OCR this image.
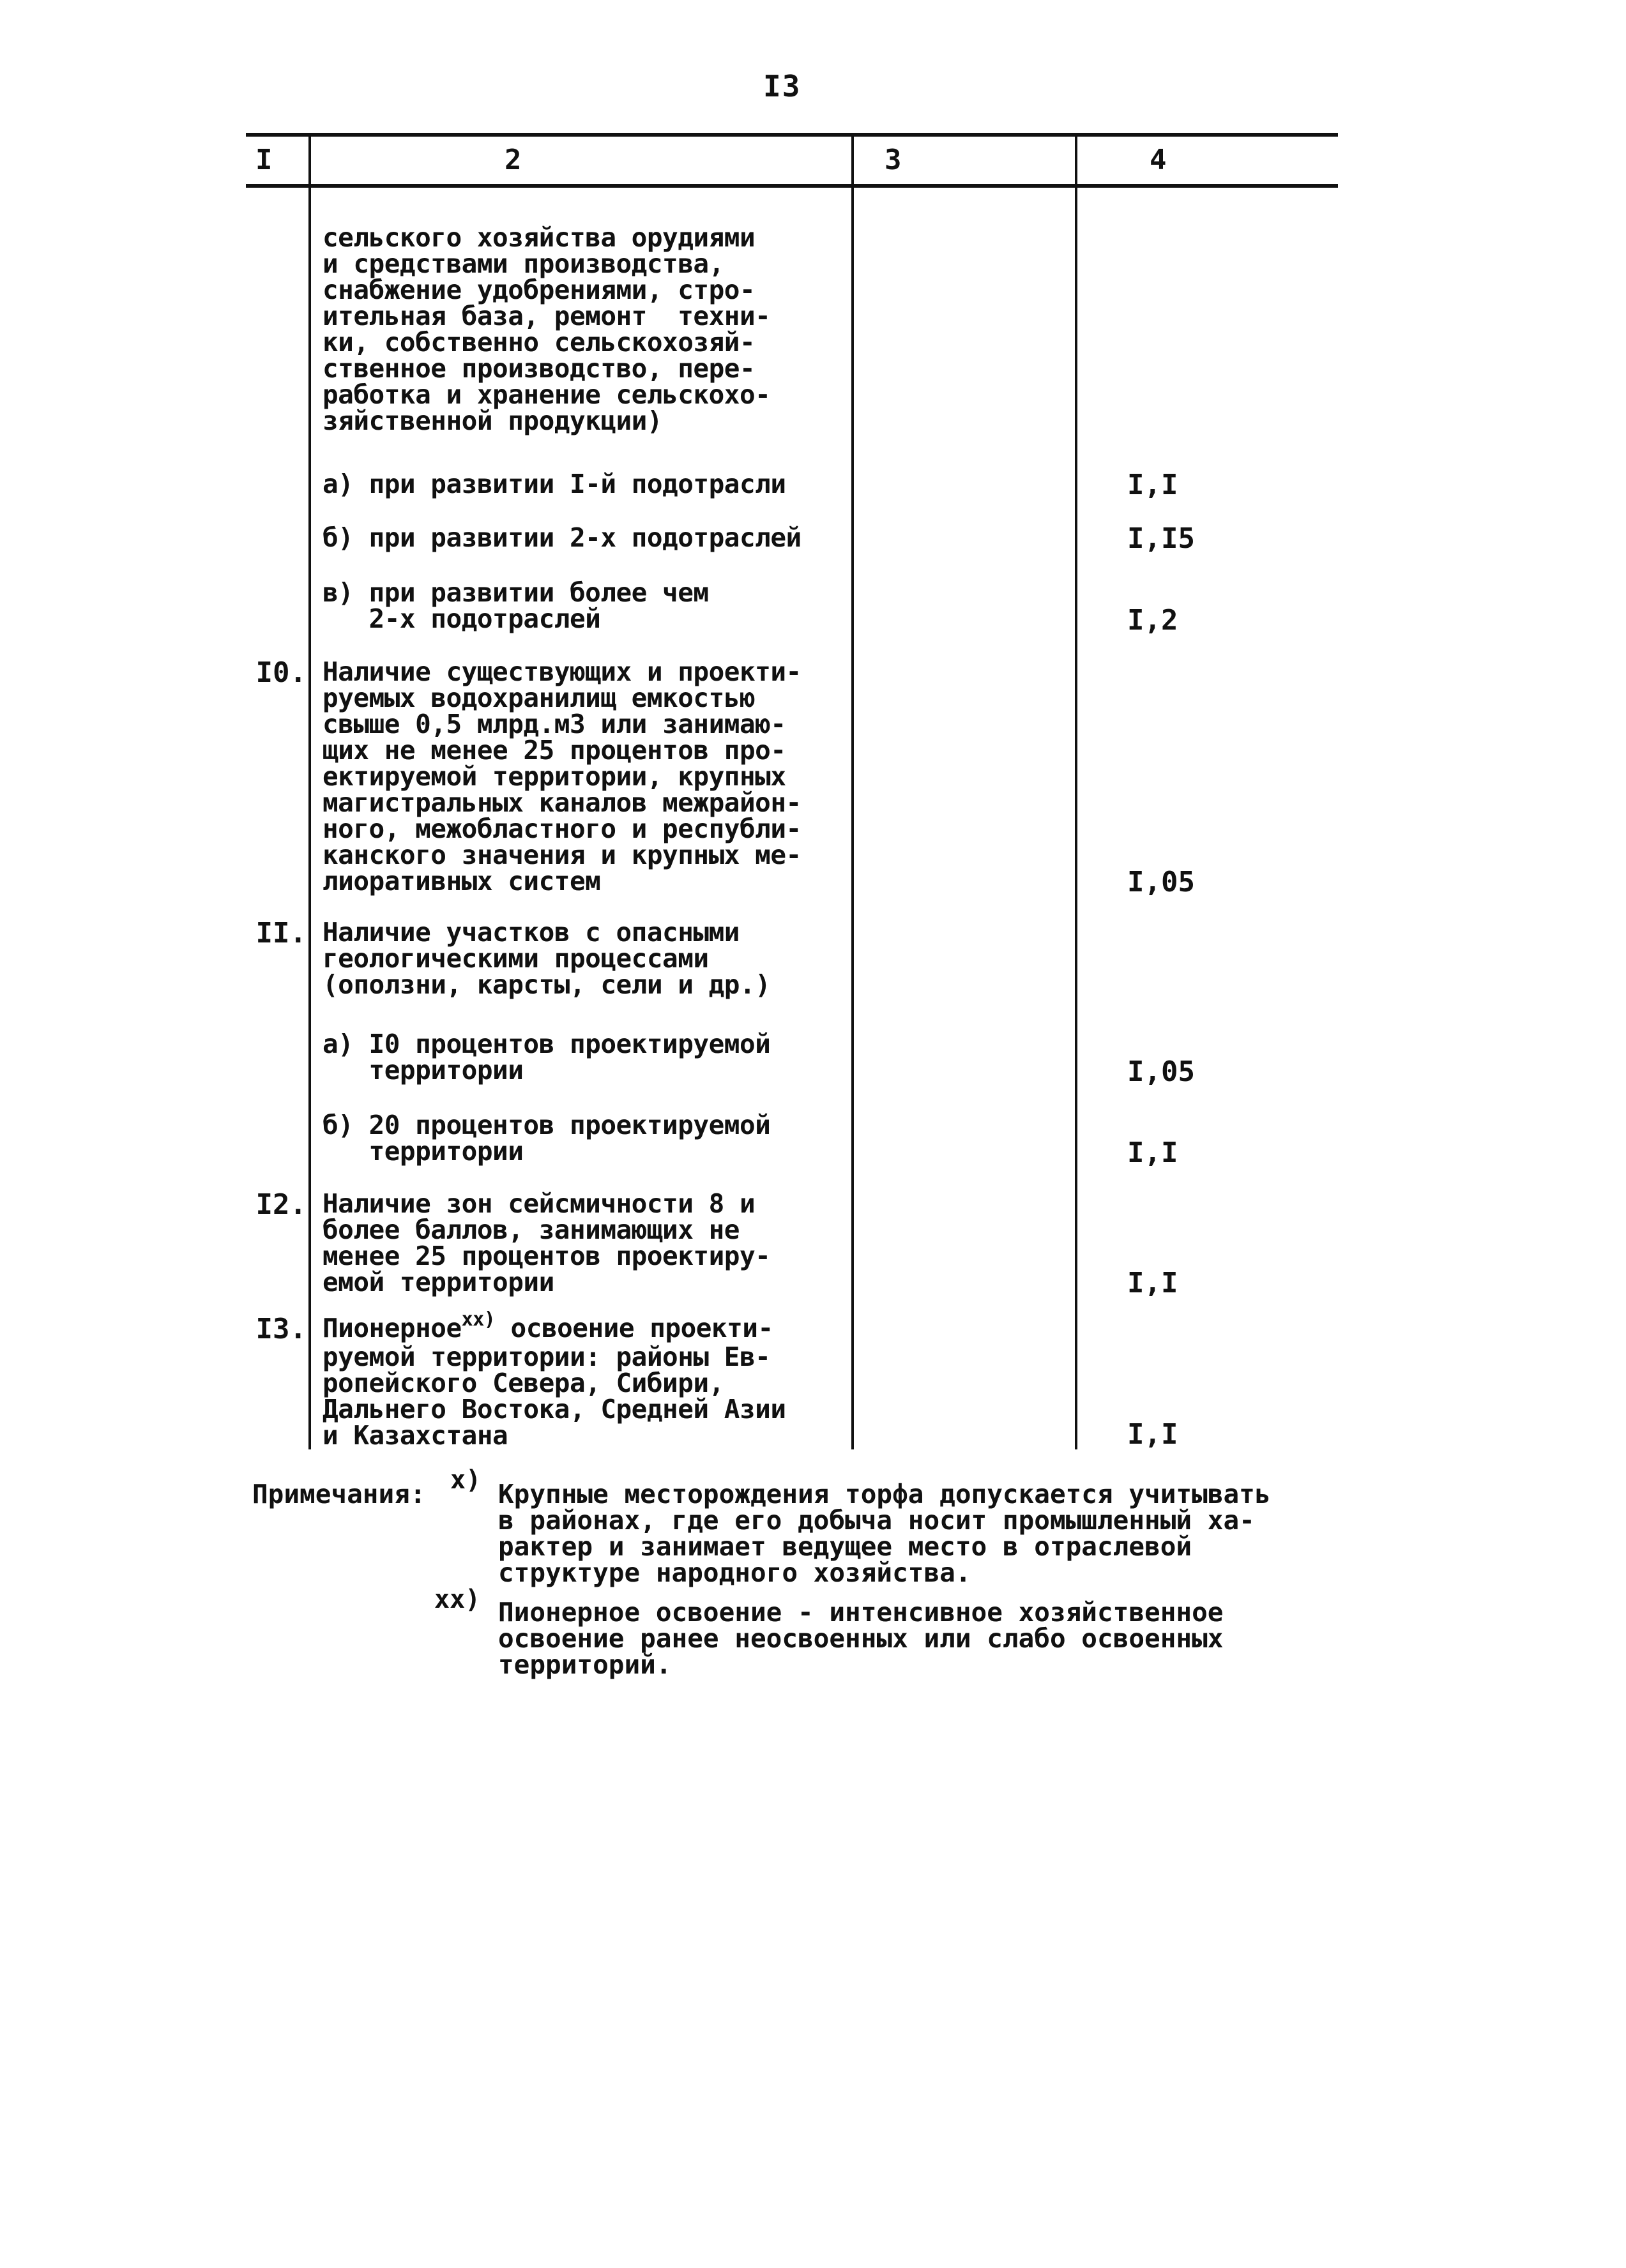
I3
I	2	3	4
сельского хозяйства орудиями
и средствами производства,
снабжение удобрениями, стро-
ительная база, ремонт  техни-
ки, собственно сельскохозяй-
ственное производство, пере-
работка и хранение сельскохо-
зяйственной продукции)
а) при развитии I-й подотрасли	I,I
б) при развитии 2-х подотраслей	I,I5
в) при развитии более чем
2-х подотраслей	I,2
I0. Наличие существующих и проекти-
руемых водохранилищ емкостью
свыше 0,5 млрд.м3 или занимаю-
щих не менее 25 процентов про-
ектируемой территории, крупных
магистральных каналов межрайон-
ного, межобластного и республи-
канского значения и крупных ме-
лиоративных систем	I,05
II. Наличие участков с опасными
геологическими процессами
(оползни, карсты, сели и др.)
а) I0 процентов проектируемой
территории	I,05
б) 20 процентов проектируемой
территории	I,I
I2. Наличие зон сейсмичности 8 и
более баллов, занимающих не
менее 25 процентов проектиру-
емой территории	I,I
I3. Пионерное$^{xx)}$ освоение проекти-
руемой территории: районы Ев-
ропейского Севера, Сибири,
Дальнего Востока, Средней Азии
и Казахстана	I,I
Примечания: x) Крупные месторождения торфа допускается учитывать
в районах, где его добыча носит промышленный ха-
рактер и занимает ведущее место в отраслевой
структуре народного хозяйства.
xx) Пионерное освоение - интенсивное хозяйственное
освоение ранее неосвоенных или слабо освоенных
территорий.
